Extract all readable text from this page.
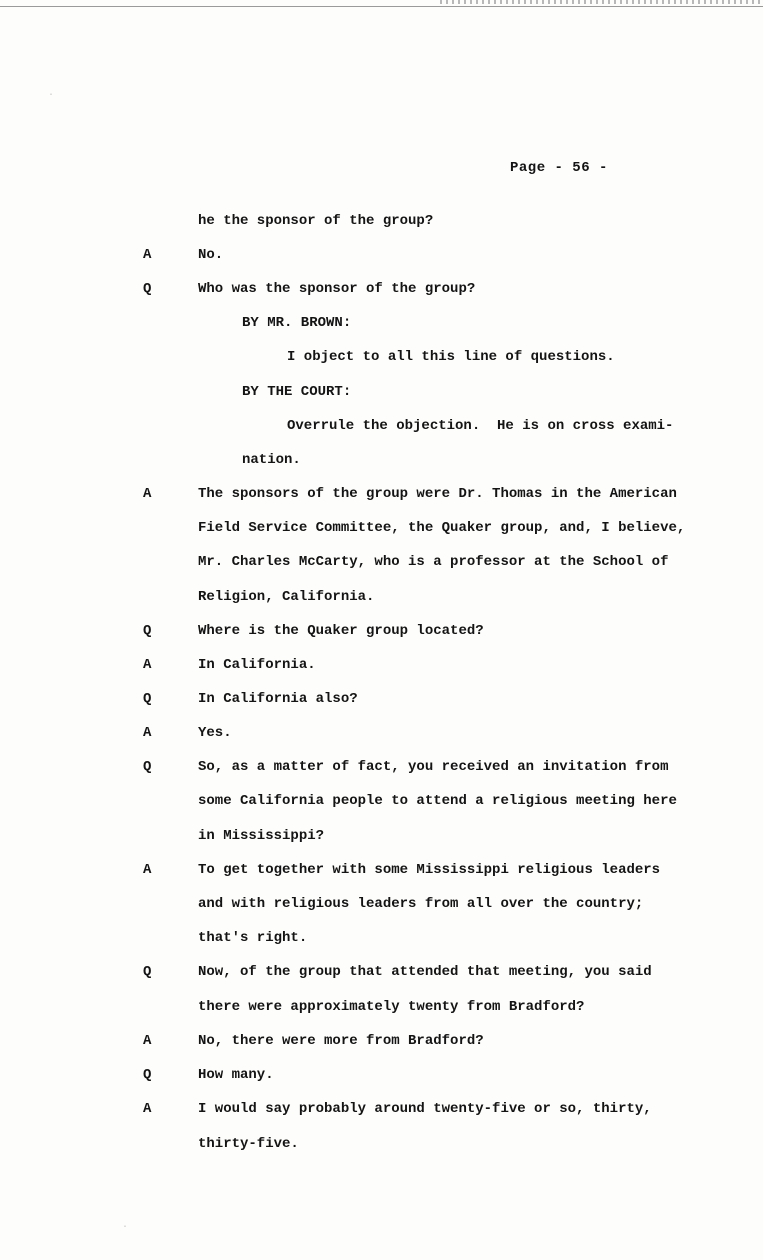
Page - 56 -
he the sponsor of the group?
A	No.
Q	Who was the sponsor of the group?
BY MR. BROWN:
I object to all this line of questions.
BY THE COURT:
Overrule the objection.  He is on cross exami-
nation.
A	The sponsors of the group were Dr. Thomas in the American
Field Service Committee, the Quaker group, and, I believe,
Mr. Charles McCarty, who is a professor at the School of
Religion, California.
Q	Where is the Quaker group located?
A	In California.
Q	In California also?
A	Yes.
Q	So, as a matter of fact, you received an invitation from
some California people to attend a religious meeting here
in Mississippi?
A	To get together with some Mississippi religious leaders
and with religious leaders from all over the country;
that's right.
Q	Now, of the group that attended that meeting, you said
there were approximately twenty from Bradford?
A	No, there were more from Bradford?
Q	How many.
A	I would say probably around twenty-five or so, thirty,
thirty-five.
·
·
